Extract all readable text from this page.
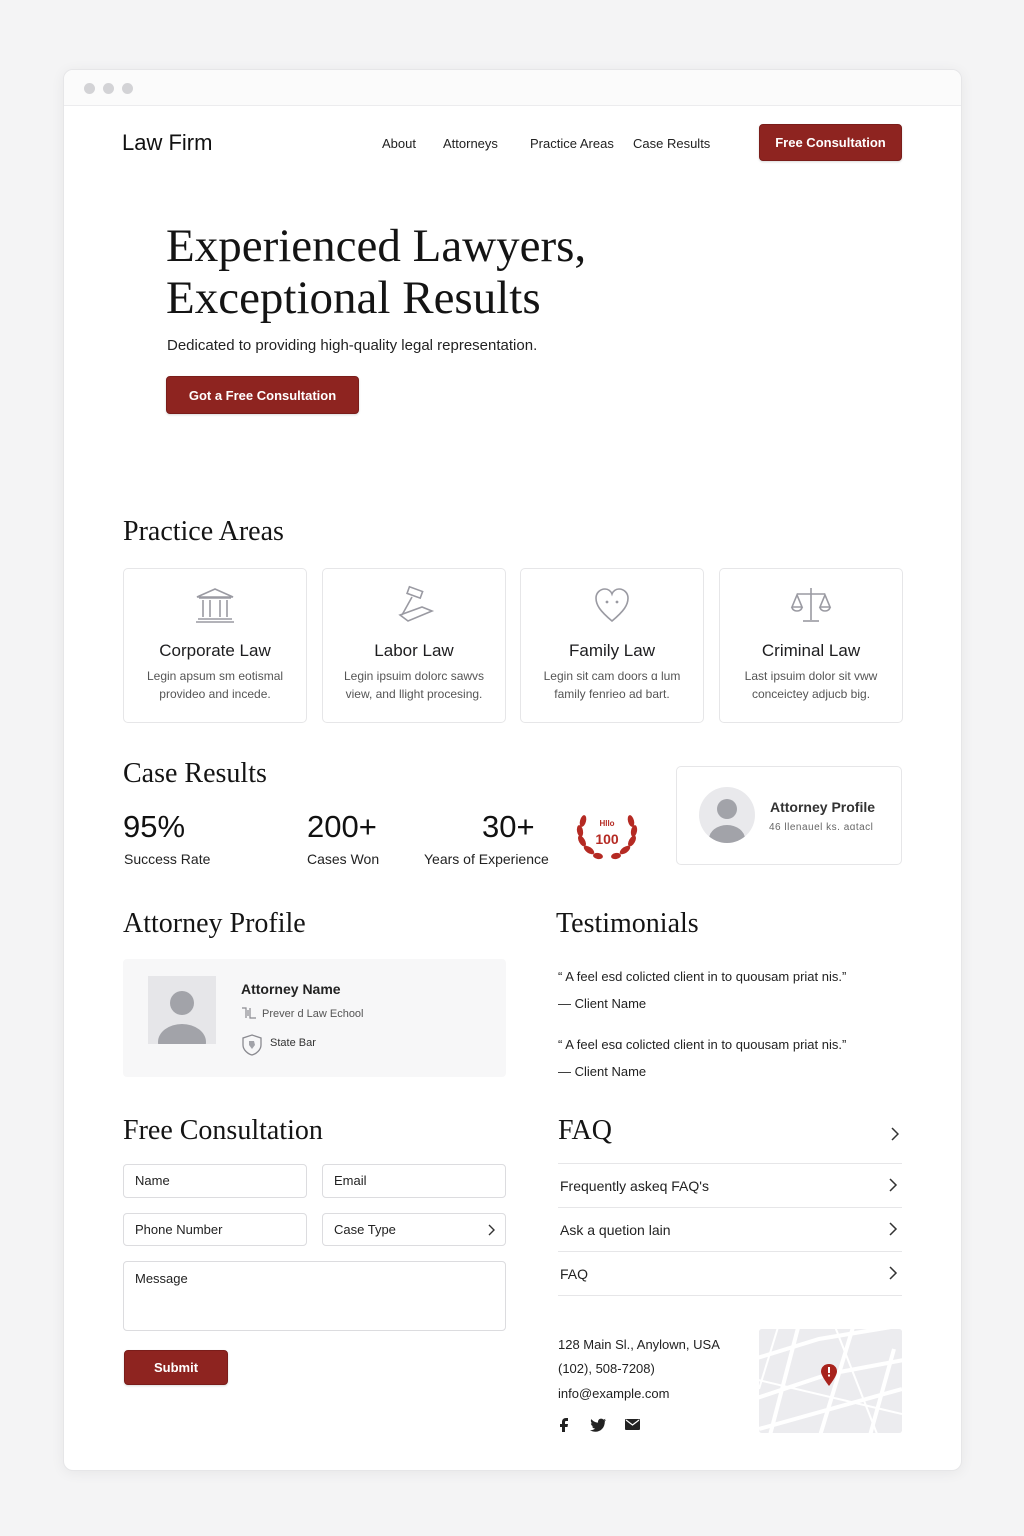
Law Firm	About Attorneys Practice Areas Case Results	Free Consultation
Experienced Lawyers,
Exceptional Results

Dedicated to providing high-quality legal representation.

Got a Free Consultation
Practice Areas
Corporate Law
Legin apsum sm eotismal
provideo and incede.
Labor Law
Legin ipsuim dolorc sawvs
view, and llight procesing.
Family Law
Legin sit cam doors ɑ lum
family fenrieo ad bart.
Criminal Law
Last ipsuim dolor sit vww
conceictey adjucb big.
Case Results
95%
Success Rate
200+
Cases Won
30+
Years of Experience
Hllo
100
Attorney Profile
46 llenauel ks. aɑtacl
Attorney Profile
Attorney Name
Prever d Law Echool
State Bar
Testimonials
“ A feel esd colicted client in to quousam priat nis.”
— Client Name
“ A feel esɑ colicted client in to quousam priat nis.”
— Client Name
Free Consultation
Name	Email
Phone Number	Case Type
Message
Submit
FAQ
Frequently askeq FAQ's
Ask a quetion lain
FAQ
128 Main Sl., Anylown, USA
(102), 508-7208)
info@example.com
